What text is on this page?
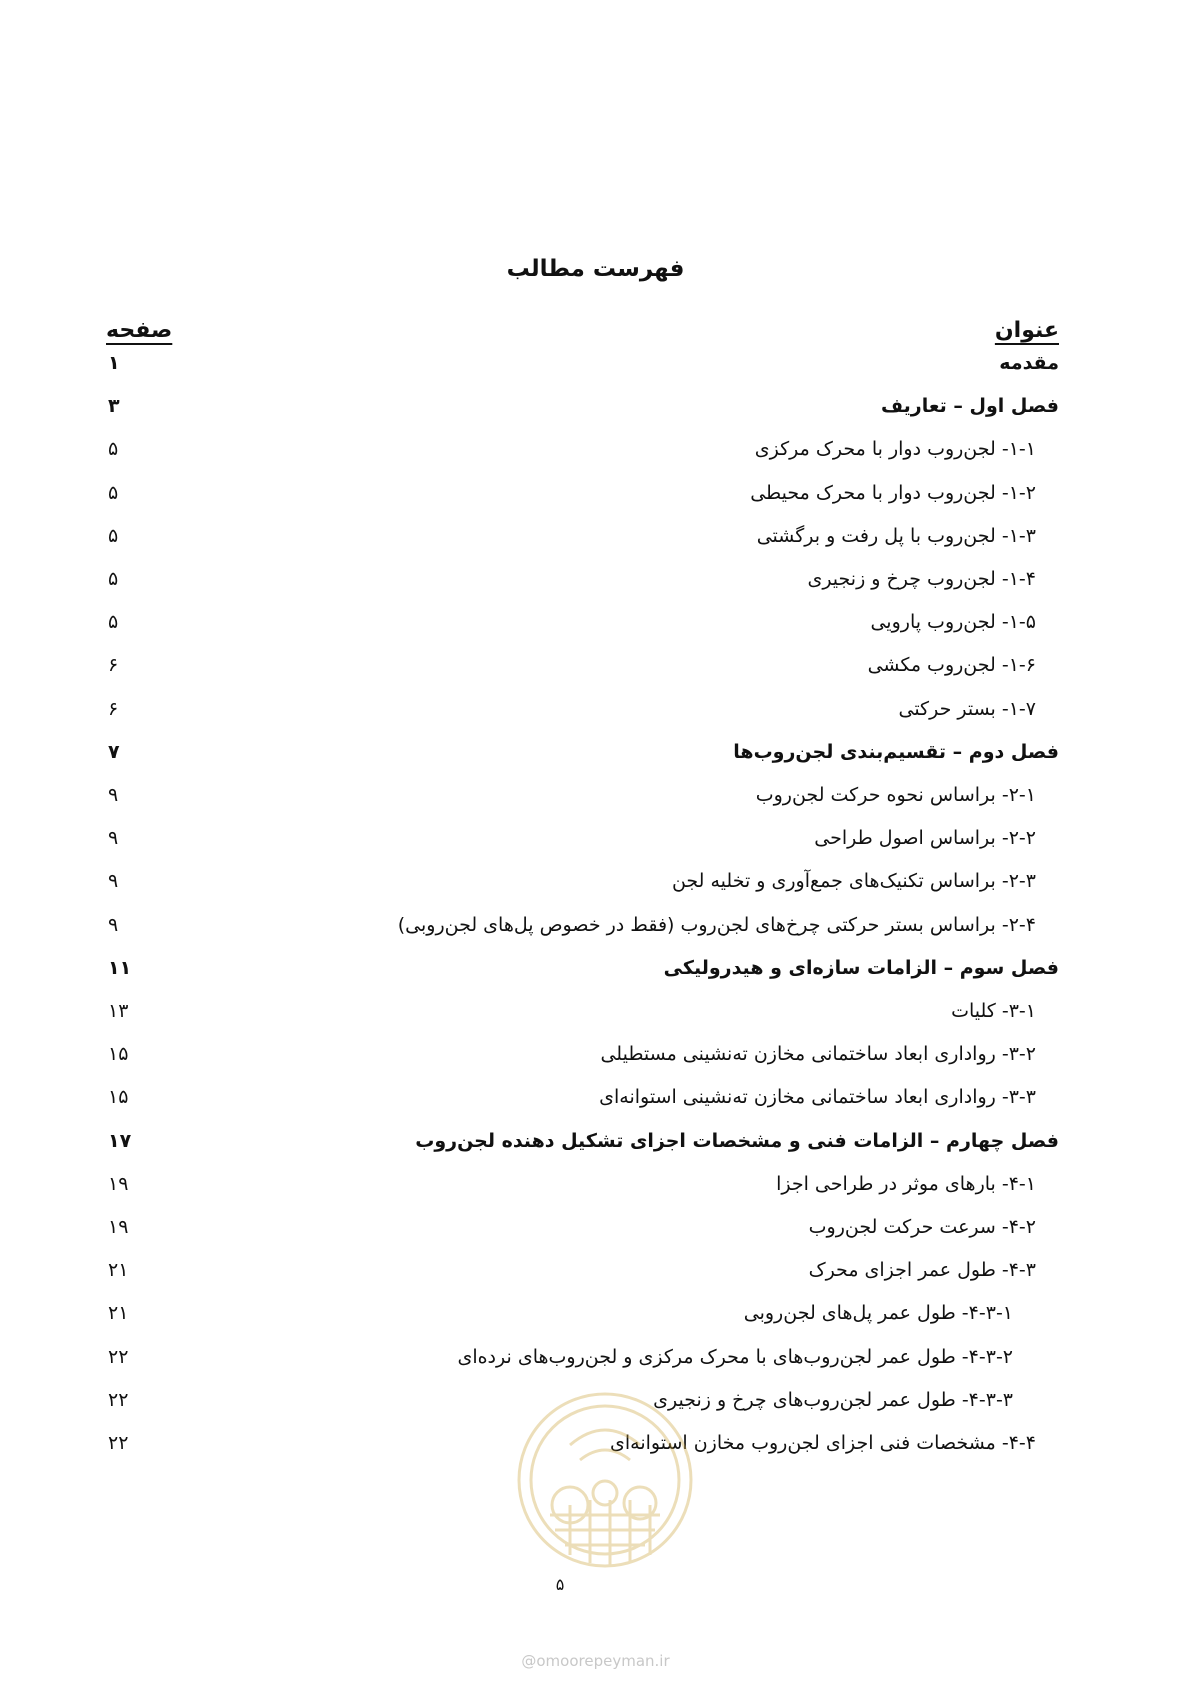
فهرست مطالب
عنوان
صفحه
مقدمه
۱
فصل اول – تعاریف
۳
۱-۱- لجن‌روب دوار با محرک مرکزی
۵
۱-۲- لجن‌روب دوار با محرک محیطی
۵
۱-۳- لجن‌روب با پل رفت و برگشتی
۵
۱-۴- لجن‌روب چرخ و زنجیری
۵
۱-۵- لجن‌روب پارویی
۵
۱-۶- لجن‌روب مکشی
۶
۱-۷- بستر حرکتی
۶
فصل دوم – تقسیم‌بندی لجن‌روب‌ها
۷
۲-۱- براساس نحوه حرکت لجن‌روب
۹
۲-۲- براساس اصول طراحی
۹
۲-۳- براساس تکنیک‌های جمع‌آوری و تخلیه لجن
۹
۲-۴- براساس بستر حرکتی چرخ‌های لجن‌روب (فقط در خصوص پل‌های لجن‌روبی)
۹
فصل سوم – الزامات سازه‌ای و هیدرولیکی
۱۱
۳-۱- کلیات
۱۳
۳-۲- رواداری ابعاد ساختمانی مخازن ته‌نشینی مستطیلی
۱۵
۳-۳- رواداری ابعاد ساختمانی مخازن ته‌نشینی استوانه‌ای
۱۵
فصل چهارم – الزامات فنی و مشخصات اجزای تشکیل دهنده لجن‌روب
۱۷
۴-۱- بارهای موثر در طراحی اجزا
۱۹
۴-۲- سرعت حرکت لجن‌روب
۱۹
۴-۳- طول عمر اجزای محرک
۲۱
۴-۳-۱- طول عمر پل‌های لجن‌روبی
۲۱
۴-۳-۲- طول عمر لجن‌روب‌های با محرک مرکزی و لجن‌روب‌های نرده‌ای
۲۲
۴-۳-۳- طول عمر لجن‌روب‌های چرخ و زنجیری
۲۲
۴-۴- مشخصات فنی اجزای لجن‌روب مخازن استوانه‌ای
۲۲
۵
@omoorepeyman.ir
